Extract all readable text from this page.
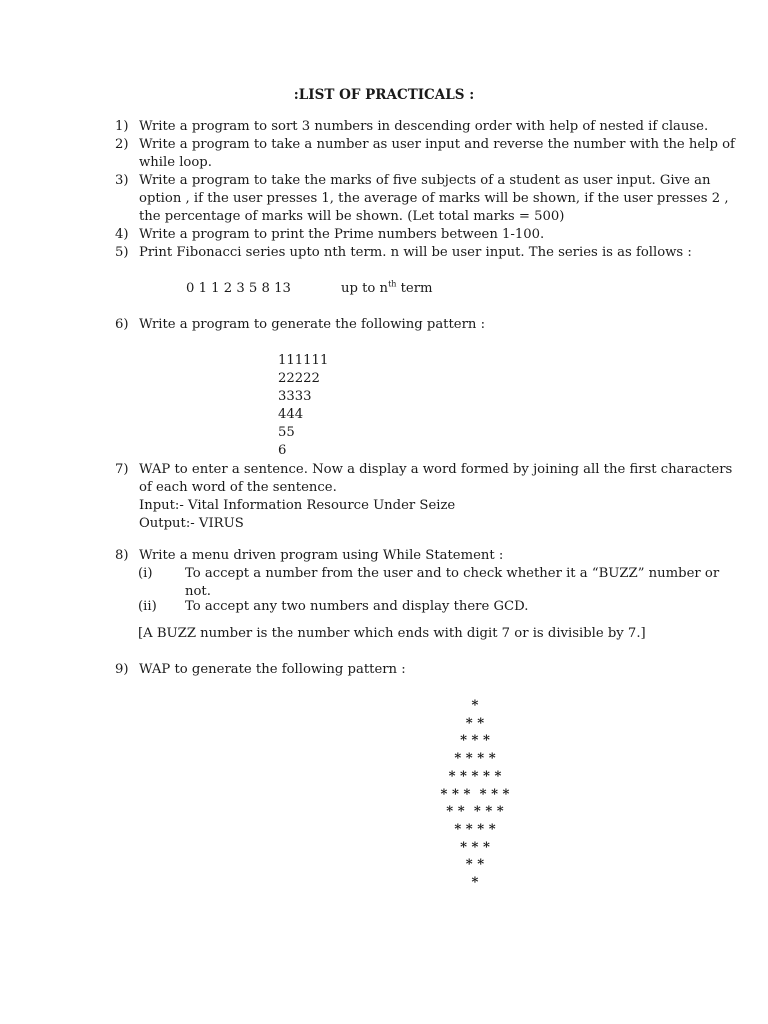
:LIST OF PRACTICALS :
1) Write a program to sort 3 numbers in descending order with help of nested if clause.
2) Write a program to take a number as user input and reverse the number with the help of
while loop.
3) Write a program to take the marks of five subjects of a student as user input. Give an
option , if the user presses 1, the average of marks will be shown, if the user presses 2 ,
the percentage of marks will be shown. (Let total marks = 500)
4) Write a program to print the Prime numbers between 1-100.
5) Print Fibonacci series upto nth term. n will be user input. The series is as follows :
0 1 1 2 3 5 8 13	up to $n^{th}$ term
6) Write a program to generate the following pattern :
111111
22222
3333
444
55
6
7) WAP to enter a sentence. Now a display a word formed by joining all the first characters
of each word of the sentence.
Input:- Vital Information Resource Under Seize
Output:- VIRUS
8) Write a menu driven program using While Statement :
(i) To accept a number from the user and to check whether it a “BUZZ” number or
not.
(ii) To accept any two numbers and display there GCD.
[A BUZZ number is the number which ends with digit 7 or is divisible by 7.]
9) WAP to generate the following pattern :
*
* *
* * *
* * * *
* * * * *
* * *  * * *
* *  * * *
* * * *
* * *
* *
*
